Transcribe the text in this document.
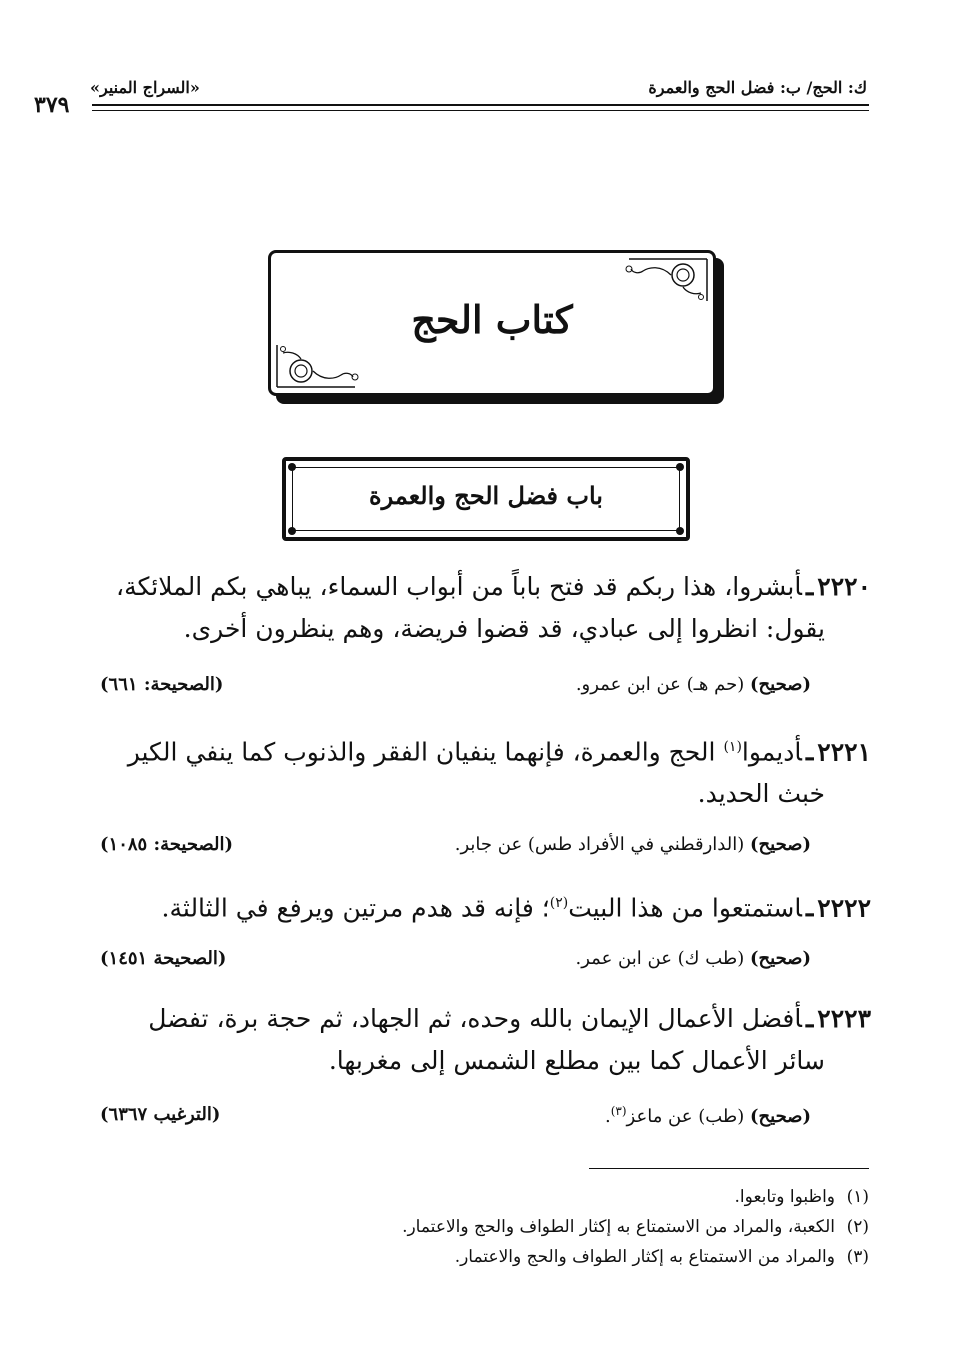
ك: الحج/ ب: فضل الحج والعمرة
«السراج المنير»
٣٧٩
كتاب الحج
باب فضل الحج والعمرة
٢٢٢٠ـأبشروا، هذا ربكم قد فتح باباً من أبواب السماء، يباهي بكم الملائكة،
يقول: انظروا إلى عبادي، قد قضوا فريضة، وهم ينظرون أخرى.
(صحيح) (حم هـ) عن ابن عمرو.
(الصحيحة: ٦٦١)
٢٢٢١ـأديموا$^{(١)}$ الحج والعمرة، فإنهما ينفيان الفقر والذنوب كما ينفي الكير
خبث الحديد.
(صحيح) (الدارقطني في الأفراد طس) عن جابر.
(الصحيحة: ١٠٨٥)
٢٢٢٢ـاستمتعوا من هذا البيت$^{(٢)}$؛ فإنه قد هدم مرتين ويرفع في الثالثة.
(صحيح) (طب ك) عن ابن عمر.
(الصحيحة ١٤٥١)
٢٢٢٣ـأفضل الأعمال الإيمان بالله وحده، ثم الجهاد، ثم حجة برة، تفضل
سائر الأعمال كما بين مطلع الشمس إلى مغربها.
(صحيح) (طب) عن ماعز$^{(٣)}$.
(الترغيب ٦٣٦٧)
(١)واظبوا وتابعوا.
(٢)الكعبة، والمراد من الاستمتاع به إكثار الطواف والحج والاعتمار.
(٣)والمراد من الاستمتاع به إكثار الطواف والحج والاعتمار.
